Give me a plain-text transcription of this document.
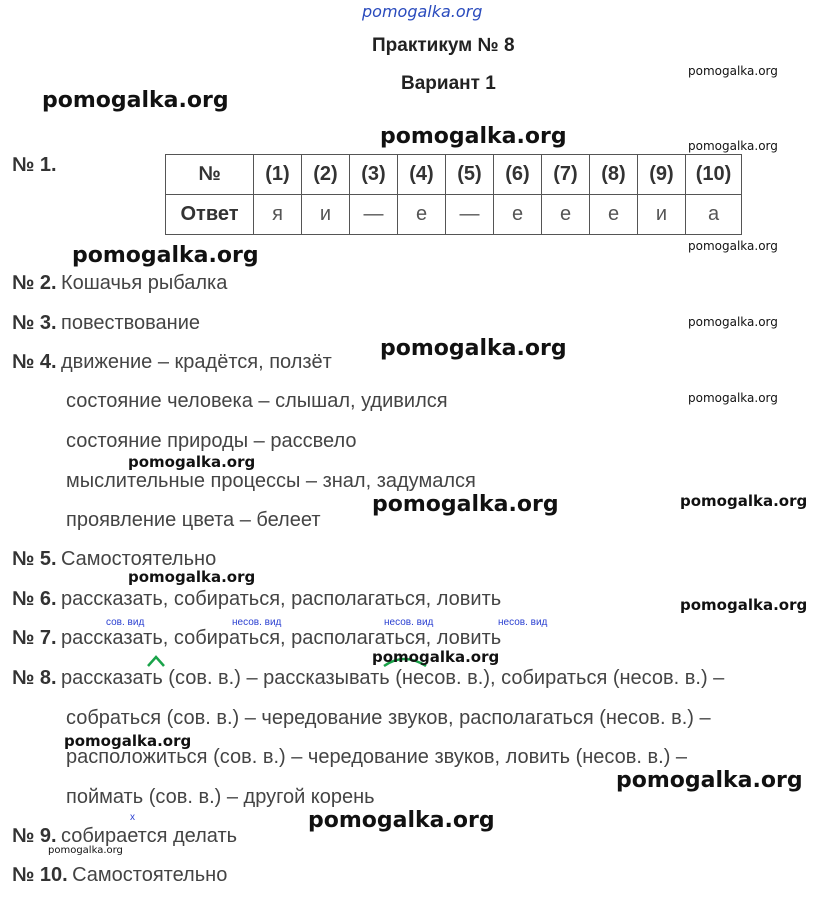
pomogalka.org
Практикум № 8
Вариант 1
№ 1.	№	(1)	(2)	(3)	(4)	(5)	(6)	(7)	(8)	(9)	(10)
Ответ	я	и	—	е	—	е	е	е	и	а
№ 2. Кошачья рыбалка
№ 3. повествование
№ 4. движение – крадётся, ползёт
состояние человека – слышал, удивился
состояние природы – рассвело
мыслительные процессы – знал, задумался
проявление цвета – белеет
№ 5. Самостоятельно
№ 6. рассказать, собираться, располагаться, ловить
сов. вид	несов. вид	несов. вид	несов. вид
№ 7. рассказать, собираться, располагаться, ловить
№ 8. рассказать (сов. в.) – рассказывать (несов. в.), собираться (несов. в.) –
собраться (сов. в.) – чередование звуков, располагаться (несов. в.) –
расположиться (сов. в.) – чередование звуков, ловить (несов. в.) –
поймать (сов. в.) – другой корень
x
№ 9. собирается делать
№ 10. Самостоятельно
pomogalka.org
pomogalka.org
pomogalka.org
pomogalka.org
pomogalka.org
pomogalka.org
pomogalka.org
pomogalka.org
pomogalka.org
pomogalka.org
pomogalka.org
pomogalka.org
pomogalka.org
pomogalka.org
pomogalka.org
pomogalka.org
pomogalka.org
pomogalka.org
pomogalka.org
